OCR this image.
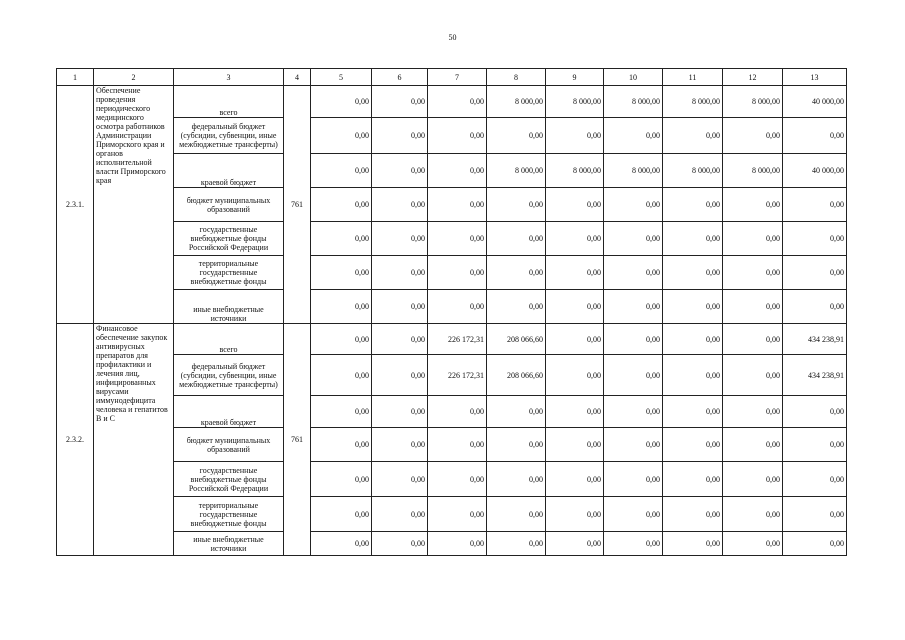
50
1	2	3	4	5	6	7	8	9	10	11	12	13
2.3.1.	Обеспечение проведения периодического медицинского осмотра работников Администрации Приморского края и органов исполнительной власти Приморского края	всего	761	0,00	0,00	0,00	8 000,00	8 000,00	8 000,00	8 000,00	8 000,00	40 000,00
		федеральный бюджет (субсидии, субвенции, иные межбюджетные трансферты)		0,00	0,00	0,00	0,00	0,00	0,00	0,00	0,00	0,00
		краевой бюджет		0,00	0,00	0,00	8 000,00	8 000,00	8 000,00	8 000,00	8 000,00	40 000,00
		бюджет муниципальных образований		0,00	0,00	0,00	0,00	0,00	0,00	0,00	0,00	0,00
		государственные внебюджетные фонды Российской Федерации		0,00	0,00	0,00	0,00	0,00	0,00	0,00	0,00	0,00
		территориальные государственные внебюджетные фонды		0,00	0,00	0,00	0,00	0,00	0,00	0,00	0,00	0,00
		иные внебюджетные источники		0,00	0,00	0,00	0,00	0,00	0,00	0,00	0,00	0,00
2.3.2.	Финансовое обеспечение закупок антивирусных препаратов для профилактики и лечения лиц, инфицированных вирусами иммунодефицита человека и гепатитов В и С	всего	761	0,00	0,00	226 172,31	208 066,60	0,00	0,00	0,00	0,00	434 238,91
		федеральный бюджет (субсидии, субвенции, иные межбюджетные трансферты)		0,00	0,00	226 172,31	208 066,60	0,00	0,00	0,00	0,00	434 238,91
		краевой бюджет		0,00	0,00	0,00	0,00	0,00	0,00	0,00	0,00	0,00
		бюджет муниципальных образований		0,00	0,00	0,00	0,00	0,00	0,00	0,00	0,00	0,00
		государственные внебюджетные фонды Российской Федерации		0,00	0,00	0,00	0,00	0,00	0,00	0,00	0,00	0,00
		территориальные государственные внебюджетные фонды		0,00	0,00	0,00	0,00	0,00	0,00	0,00	0,00	0,00
		иные внебюджетные источники		0,00	0,00	0,00	0,00	0,00	0,00	0,00	0,00	0,00
